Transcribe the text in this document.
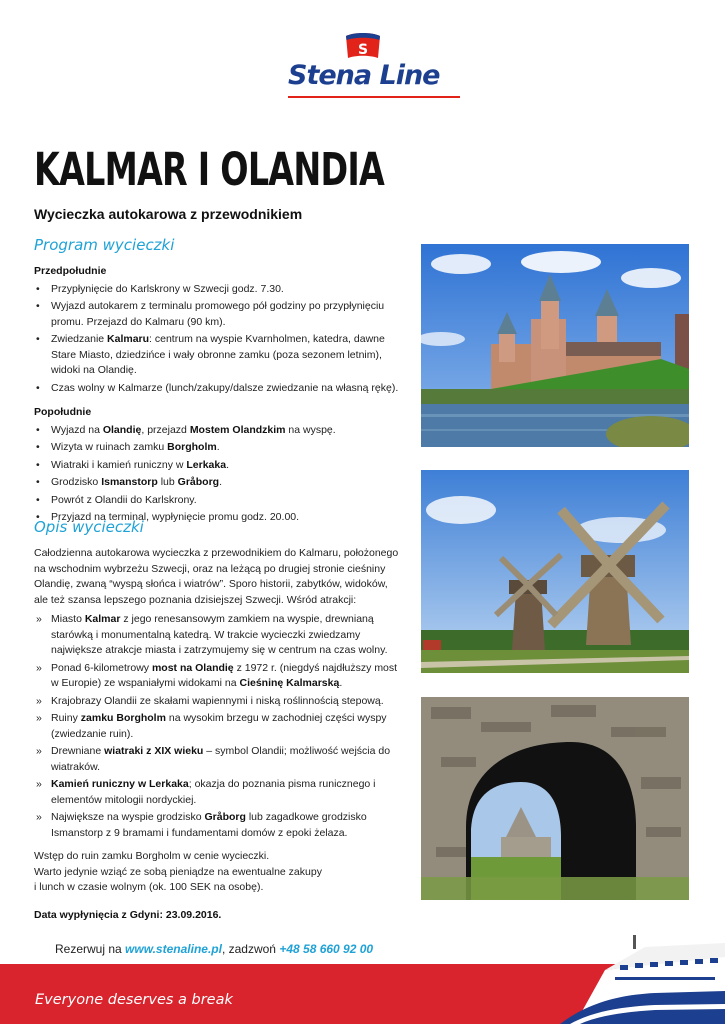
S
Stena Line
KALMAR I OLANDIA
Wycieczka autokarowa z przewodnikiem
Program wycieczki
Przedpołudnie
• Przypłynięcie do Karlskrony w Szwecji godz. 7.30.
• Wyjazd autokarem z terminalu promowego pół godziny po przypłynięciu promu. Przejazd do Kalmaru (90 km).
• Zwiedzanie Kalmaru: centrum na wyspie Kvarnholmen, katedra, dawne Stare Miasto, dziedzińce i wały obronne zamku (poza sezonem letnim), widoki na Olandię.
• Czas wolny w Kalmarze (lunch/zakupy/dalsze zwiedzanie na własną rękę).
Popołudnie
• Wyjazd na Olandię, przejazd Mostem Olandzkim na wyspę.
• Wizyta w ruinach zamku Borgholm.
• Wiatraki i kamień runiczny w Lerkaka.
• Grodzisko Ismanstorp lub Gråborg.
• Powrót z Olandii do Karlskrony.
• Przyjazd na terminal, wypłynięcie promu godz. 20.00.
Opis wycieczki

Całodzienna autokarowa wycieczka z przewodnikiem do Kalmaru, położonego na wschodnim wybrzeżu Szwecji, oraz na leżącą po drugiej stronie cieśniny Olandię, zwaną “wyspą słońca i wiatrów”. Sporo historii, zabytków, widoków, ale też szansa lepszego poznania dzisiejszej Szwecji. Wśród atrakcji:

» Miasto Kalmar z jego renesansowym zamkiem na wyspie, drewnianą starówką i monumentalną katedrą. W trakcie wycieczki zwiedzamy największe atrakcje miasta i zatrzymujemy się w centrum na czas wolny.
» Ponad 6-kilometrowy most na Olandię z 1972 r. (niegdyś najdłuższy most w Europie) ze wspaniałymi widokami na Cieśninę Kalmarską.
» Krajobrazy Olandii ze skałami wapiennymi i niską roślinnością stepową.
» Ruiny zamku Borgholm na wysokim brzegu w zachodniej części wyspy (zwiedzanie ruin).
» Drewniane wiatraki z XIX wieku – symbol Olandii; możliwość wejścia do wiatraków.
» Kamień runiczny w Lerkaka; okazja do poznania pisma runicznego i elementów mitologii nordyckiej.
» Największe na wyspie grodzisko Gråborg lub zagadkowe grodzisko Ismanstorp z 9 bramami i fundamentami domów z epoki żelaza.

Wstęp do ruin zamku Borgholm w cenie wycieczki.

Warto jedynie wziąć ze sobą pieniądze na ewentualne zakupy

i lunch w czasie wolnym (ok. 100 SEK na osobę).

Data wypłynięcia z Gdyni: 23.09.2016.

Rezerwuj na www.stenaline.pl, zadzwoń +48 58 660 92 00
Everyone deserves a break
